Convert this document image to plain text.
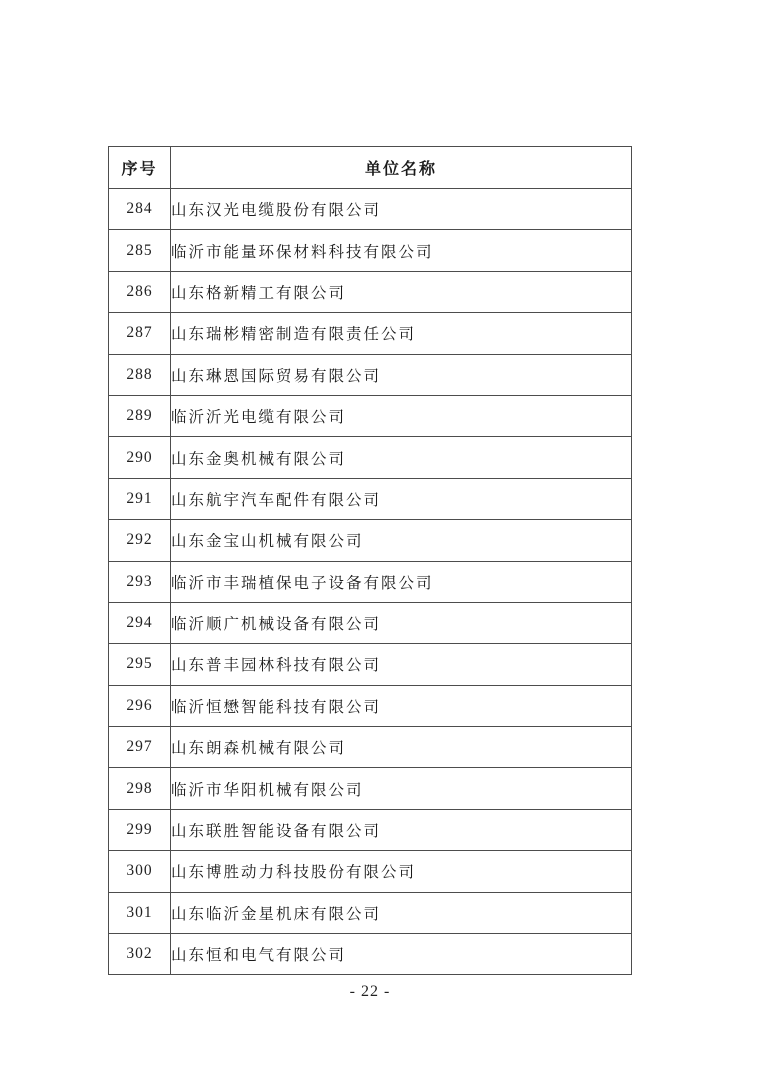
序号	单位名称
284	山东汉光电缆股份有限公司
285	临沂市能量环保材料科技有限公司
286	山东格新精工有限公司
287	山东瑞彬精密制造有限责任公司
288	山东琳恩国际贸易有限公司
289	临沂沂光电缆有限公司
290	山东金奥机械有限公司
291	山东航宇汽车配件有限公司
292	山东金宝山机械有限公司
293	临沂市丰瑞植保电子设备有限公司
294	临沂顺广机械设备有限公司
295	山东普丰园林科技有限公司
296	临沂恒懋智能科技有限公司
297	山东朗森机械有限公司
298	临沂市华阳机械有限公司
299	山东联胜智能设备有限公司
300	山东博胜动力科技股份有限公司
301	山东临沂金星机床有限公司
302	山东恒和电气有限公司
- 22 -
